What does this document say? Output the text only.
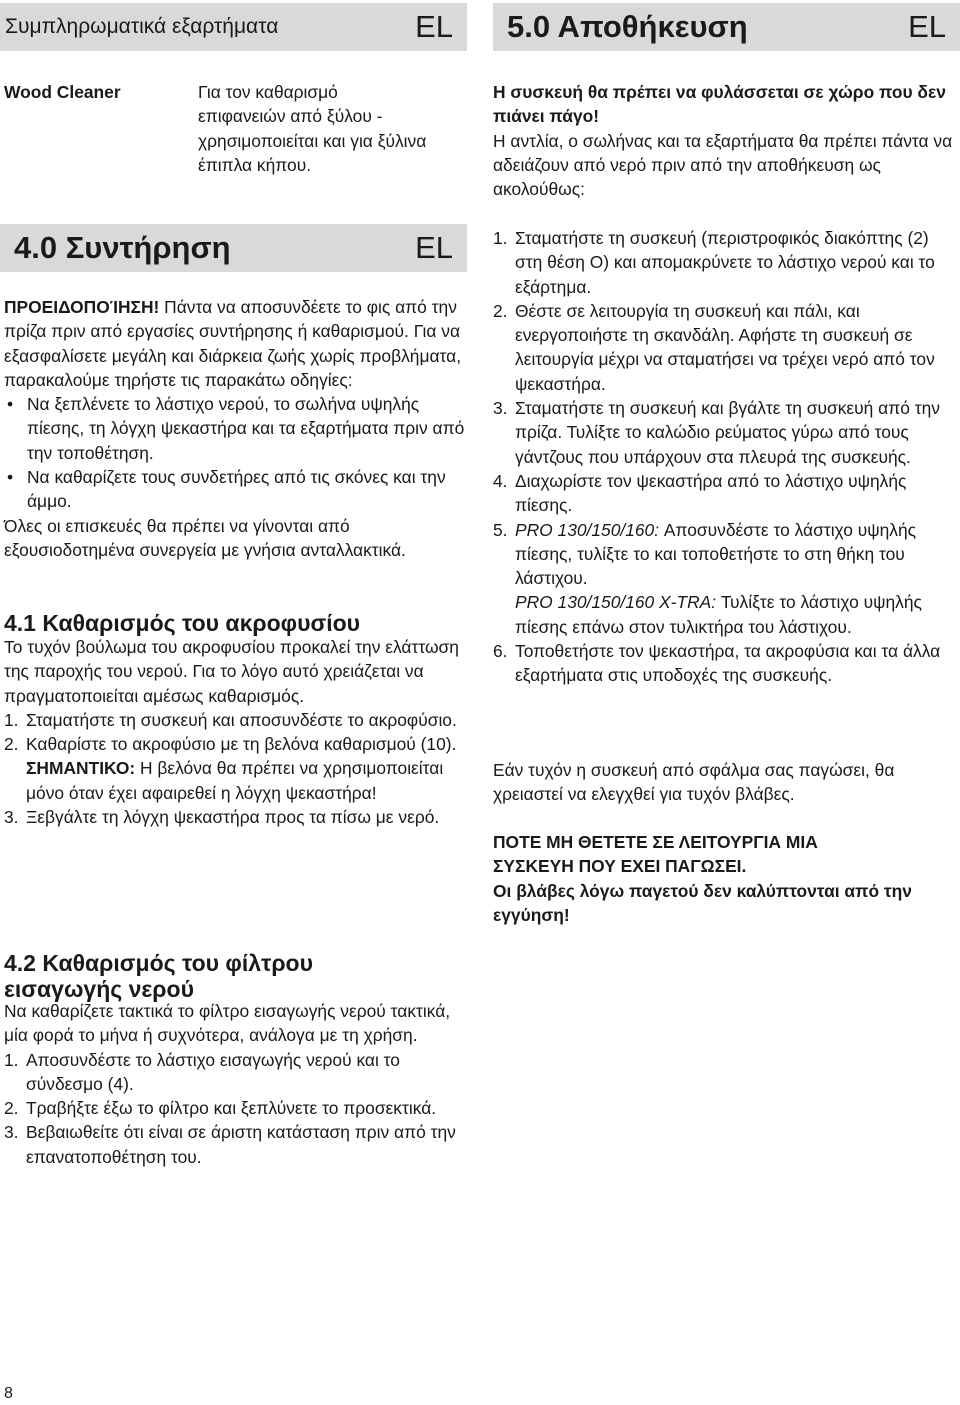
Συμπληρωματικά εξαρτήματα	EL
Wood Cleaner	Για τον καθαρισμό
επιφανειών από ξύλου -
χρησιμοποιείται και για ξύλινα
έπιπλα κήπου.
4.0 Συντήρηση	EL
ΠΡΟΕΙΔΟΠΟΊΗΣΗ! Πάντα να αποσυνδέετε το φις από την πρίζα πριν από εργασίες συντήρησης ή καθαρισμού. Για να εξασφαλίσετε μεγάλη και διάρκεια ζωής χωρίς προβλήματα, παρακαλούμε τηρήστε τις παρακάτω οδηγίες:
• Να ξεπλένετε το λάστιχο νερού, το σωλήνα υψηλής πίεσης, τη λόγχη ψεκαστήρα και τα εξαρτήματα πριν από την τοποθέτηση.
• Να καθαρίζετε τους συνδετήρες από τις σκόνες και την άμμο.
Όλες οι επισκευές θα πρέπει να γίνονται από εξουσιοδοτημένα συνεργεία με γνήσια ανταλλακτικά.
4.1 Καθαρισμός του ακροφυσίου
Το τυχόν βούλωμα του ακροφυσίου προκαλεί την ελάττωση της παροχής του νερού. Για το λόγο αυτό χρειάζεται να πραγματοποιείται αμέσως καθαρισμός.
1. Σταματήστε τη συσκευή και αποσυνδέστε το ακροφύσιο.
2. Καθαρίστε το ακροφύσιο με τη βελόνα καθαρισμού (10). ΣΗΜΑΝΤΙΚΟ: Η βελόνα θα πρέπει να χρησιμοποιείται μόνο όταν έχει αφαιρεθεί η λόγχη ψεκαστήρα!
3. Ξεβγάλτε τη λόγχη ψεκαστήρα προς τα πίσω με νερό.
4.2 Καθαρισμός του φίλτρου
εισαγωγής νερού
Να καθαρίζετε τακτικά το φίλτρο εισαγωγής νερού τακτικά, μία φορά το μήνα ή συχνότερα, ανάλογα με τη χρήση.
1. Αποσυνδέστε το λάστιχο εισαγωγής νερού και το σύνδεσμο (4).
2. Τραβήξτε έξω το φίλτρο και ξεπλύνετε το προσεκτικά.
3. Βεβαιωθείτε ότι είναι σε άριστη κατάσταση πριν από την επανατοποθέτηση του.
8
5.0 Αποθήκευση	EL
Η συσκευή θα πρέπει να φυλάσσεται σε χώρο που δεν πιάνει πάγο!
Η αντλία, ο σωλήνας και τα εξαρτήματα θα πρέπει πάντα να αδειάζουν από νερό πριν από την αποθήκευση ως ακολούθως:
1. Σταματήστε τη συσκευή (περιστροφικός διακόπτης (2) στη θέση O) και απομακρύνετε το λάστιχο νερού και το εξάρτημα.
2. Θέστε σε λειτουργία τη συσκευή και πάλι, και ενεργοποιήστε τη σκανδάλη. Αφήστε τη συσκευή σε λειτουργία μέχρι να σταματήσει να τρέχει νερό από τον ψεκαστήρα.
3. Σταματήστε τη συσκευή και βγάλτε τη συσκευή από την πρίζα. Τυλίξτε το καλώδιο ρεύματος γύρω από τους γάντζους που υπάρχουν στα πλευρά της συσκευής.
4. Διαχωρίστε τον ψεκαστήρα από το λάστιχο υψηλής πίεσης.
5. PRO 130/150/160: Αποσυνδέστε το λάστιχο υψηλής πίεσης, τυλίξτε το και τοποθετήστε το στη θήκη του λάστιχου.
PRO 130/150/160 X-TRA: Τυλίξτε το λάστιχο υψηλής πίεσης επάνω στον τυλικτήρα του λάστιχου.
6. Τοποθετήστε τον ψεκαστήρα, τα ακροφύσια και τα άλλα εξαρτήματα στις υποδοχές της συσκευής.
Εάν τυχόν η συσκευή από σφάλμα σας παγώσει, θα χρειαστεί να ελεγχθεί για τυχόν βλάβες.
ΠΟΤΕ ΜΗ ΘΕΤΕΤΕ ΣΕ ΛΕΙΤΟΥΡΓΙΑ ΜΙΑ
ΣΥΣΚΕΥΗ ΠΟΥ ΕΧΕΙ ΠΑΓΩΣΕΙ.
Οι βλάβες λόγω παγετού δεν καλύπτονται από την εγγύηση!
